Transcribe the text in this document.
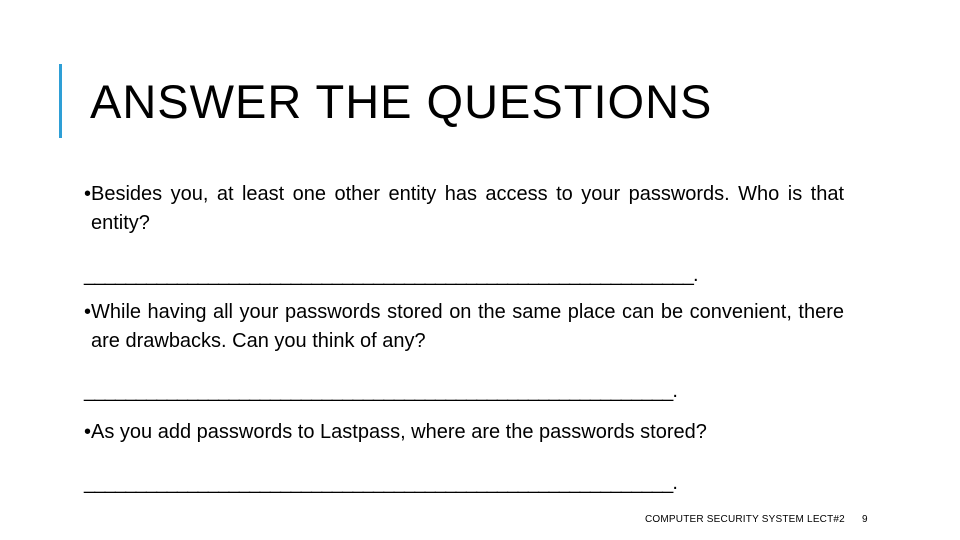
ANSWER THE QUESTIONS
• Besides you, at least one other entity has access to your passwords. Who is that entity?
___________________________________________________________.
• While having all your passwords stored on the same place can be convenient, there are drawbacks. Can you think of any?
_________________________________________________________.
• As you add passwords to Lastpass, where are the passwords stored?
_________________________________________________________.
COMPUTER SECURITY SYSTEM LECT#2 9
